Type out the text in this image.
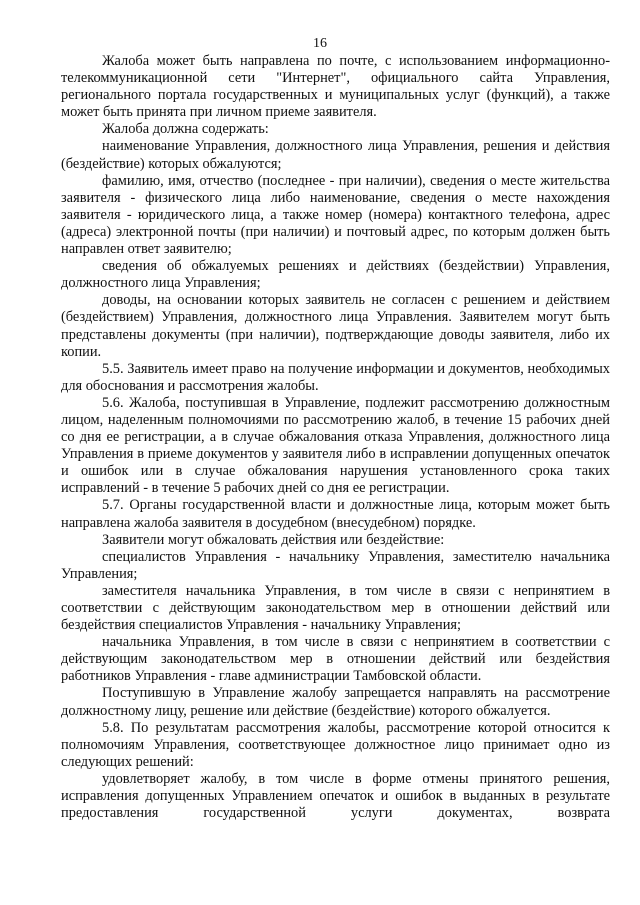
16

Жалоба может быть направлена по почте, с использованием информационно-телекоммуникационной сети "Интернет", официального сайта Управления, регионального портала государственных и муниципальных услуг (функций), а также может быть принята при личном приеме заявителя.

Жалоба должна содержать:

наименование Управления, должностного лица Управления, решения и действия (бездействие) которых обжалуются;

фамилию, имя, отчество (последнее - при наличии), сведения о месте жительства заявителя - физического лица либо наименование, сведения о месте нахождения заявителя - юридического лица, а также номер (номера) контактного телефона, адрес (адреса) электронной почты (при наличии) и почтовый адрес, по которым должен быть направлен ответ заявителю;

сведения об обжалуемых решениях и действиях (бездействии) Управления, должностного лица Управления;

доводы, на основании которых заявитель не согласен с решением и действием (бездействием) Управления, должностного лица Управления. Заявителем могут быть представлены документы (при наличии), подтверждающие доводы заявителя, либо их копии.

5.5. Заявитель имеет право на получение информации и документов, необходимых для обоснования и рассмотрения жалобы.

5.6. Жалоба, поступившая в Управление, подлежит рассмотрению должностным лицом, наделенным полномочиями по рассмотрению жалоб, в течение 15 рабочих дней со дня ее регистрации, а в случае обжалования отказа Управления, должностного лица Управления в приеме документов у заявителя либо в исправлении допущенных опечаток и ошибок или в случае обжалования нарушения установленного срока таких исправлений - в течение 5 рабочих дней со дня ее регистрации.

5.7. Органы государственной власти и должностные лица, которым может быть направлена жалоба заявителя в досудебном (внесудебном) порядке.

Заявители могут обжаловать действия или бездействие:

специалистов Управления - начальнику Управления, заместителю начальника Управления;

заместителя начальника Управления, в том числе в связи с непринятием в соответствии с действующим законодательством мер в отношении действий или бездействия специалистов Управления - начальнику Управления;

начальника Управления, в том числе в связи с непринятием в соответствии с действующим законодательством мер в отношении действий или бездействия работников Управления - главе администрации Тамбовской области.

Поступившую в Управление жалобу запрещается направлять на рассмотрение должностному лицу, решение или действие (бездействие) которого обжалуется.

5.8. По результатам рассмотрения жалобы, рассмотрение которой относится к полномочиям Управления, соответствующее должностное лицо принимает одно из следующих решений:

удовлетворяет жалобу, в том числе в форме отмены принятого решения, исправления допущенных Управлением опечаток и ошибок в выданных в результате предоставления государственной услуги документах, возврата
